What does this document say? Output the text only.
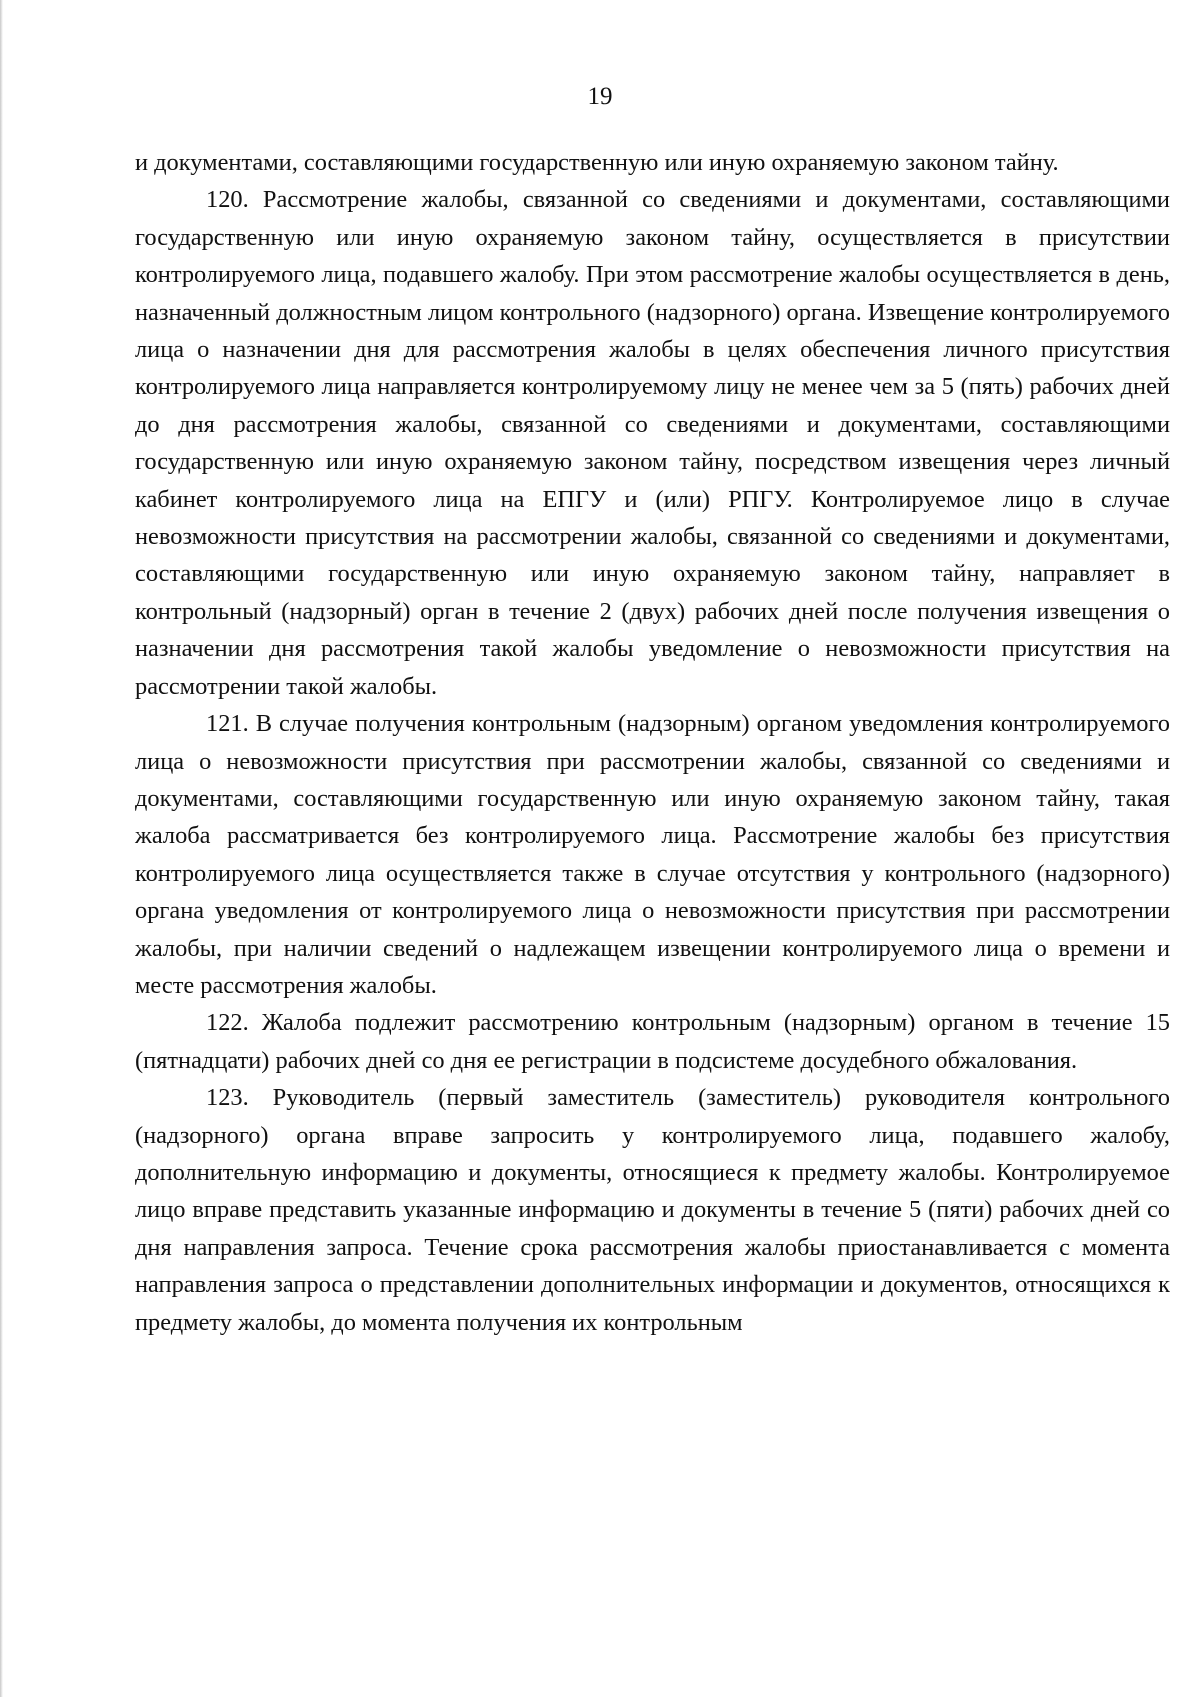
19

и документами, составляющими государственную или иную охраняемую законом тайну.

120. Рассмотрение жалобы, связанной со сведениями и документами, составляющими государственную или иную охраняемую законом тайну, осуществляется в присутствии контролируемого лица, подавшего жалобу. При этом рассмотрение жалобы осуществляется в день, назначенный должностным лицом контрольного (надзорного) органа. Извещение контролируемого лица о назначении дня для рассмотрения жалобы в целях обеспечения личного присутствия контролируемого лица направляется контролируемому лицу не менее чем за 5 (пять) рабочих дней до дня рассмотрения жалобы, связанной со сведениями и документами, составляющими государственную или иную охраняемую законом тайну, посредством извещения через личный кабинет контролируемого лица на ЕПГУ и (или) РПГУ. Контролируемое лицо в случае невозможности присутствия на рассмотрении жалобы, связанной со сведениями и документами, составляющими государственную или иную охраняемую законом тайну, направляет в контрольный (надзорный) орган в течение 2 (двух) рабочих дней после получения извещения о назначении дня рассмотрения такой жалобы уведомление о невозможности присутствия на рассмотрении такой жалобы.

121. В случае получения контрольным (надзорным) органом уведомления контролируемого лица о невозможности присутствия при рассмотрении жалобы, связанной со сведениями и документами, составляющими государственную или иную охраняемую законом тайну, такая жалоба рассматривается без контролируемого лица. Рассмотрение жалобы без присутствия контролируемого лица осуществляется также в случае отсутствия у контрольного (надзорного) органа уведомления от контролируемого лица о невозможности присутствия при рассмотрении жалобы, при наличии сведений о надлежащем извещении контролируемого лица о времени и месте рассмотрения жалобы.

122. Жалоба подлежит рассмотрению контрольным (надзорным) органом в течение 15 (пятнадцати) рабочих дней со дня ее регистрации в подсистеме досудебного обжалования.

123. Руководитель (первый заместитель (заместитель) руководителя контрольного (надзорного) органа вправе запросить у контролируемого лица, подавшего жалобу, дополнительную информацию и документы, относящиеся к предмету жалобы. Контролируемое лицо вправе представить указанные информацию и документы в течение 5 (пяти) рабочих дней со дня направления запроса. Течение срока рассмотрения жалобы приостанавливается с момента направления запроса о представлении дополнительных информации и документов, относящихся к предмету жалобы, до момента получения их контрольным
